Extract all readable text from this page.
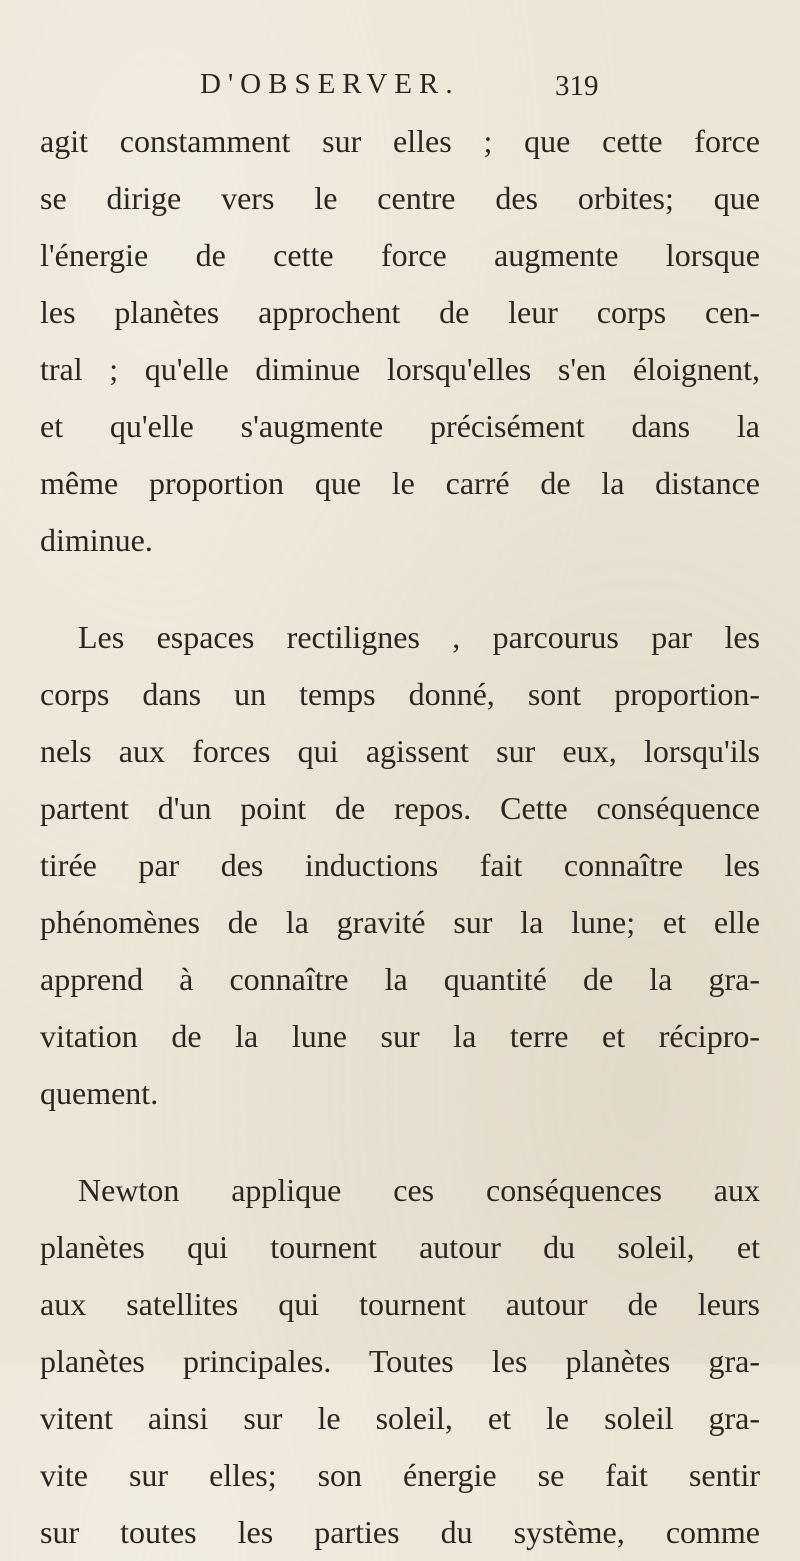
D'OBSERVER.	319
agit constamment sur elles ; que cette force
se dirige vers le centre des orbites; que
l'énergie de cette force augmente lorsque
les planètes approchent de leur corps cen-
tral ; qu'elle diminue lorsqu'elles s'en éloignent,
et qu'elle s'augmente précisément dans la
même proportion que le carré de la distance
diminue.
Les espaces rectilignes , parcourus par les
corps dans un temps donné, sont proportion-
nels aux forces qui agissent sur eux, lorsqu'ils
partent d'un point de repos. Cette conséquence
tirée par des inductions fait connaître les
phénomènes de la gravité sur la lune; et elle
apprend à connaître la quantité de la gra-
vitation de la lune sur la terre et récipro-
quement.
Newton applique ces conséquences aux
planètes qui tournent autour du soleil, et
aux satellites qui tournent autour de leurs
planètes principales. Toutes les planètes gra-
vitent ainsi sur le soleil, et le soleil gra-
vite sur elles; son énergie se fait sentir
sur toutes les parties du système, comme
